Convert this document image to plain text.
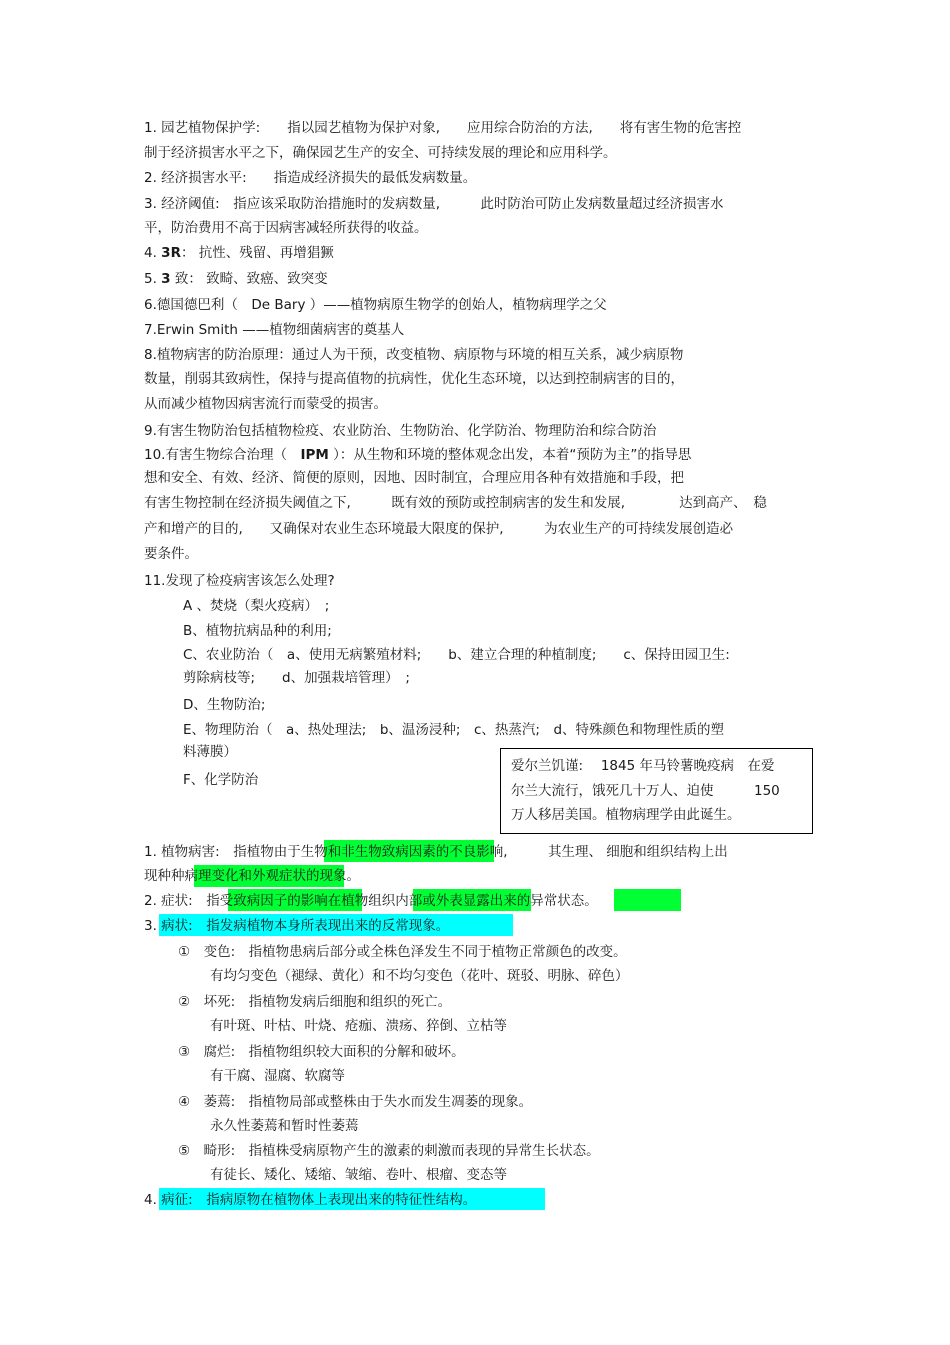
1. 园艺植物保护学:　　指以园艺植物为保护对象,　　应用综合防治的方法,　　将有害生物的危害控
制于经济损害水平之下，确保园艺生产的安全、可持续发展的理论和应用科学。
2. 经济损害水平:　　指造成经济损失的最低发病数量。
3. 经济阈值:　指应该采取防治措施时的发病数量,　　　此时防治可防止发病数量超过经济损害水
平，防治费用不高于因病害减轻所获得的收益。
4. 3R： 抗性、残留、再增猖獗
5. 3 致： 致畸、致癌、致突变
6.德国德巴利（　De Bary ）——植物病原生物学的创始人，植物病理学之父
7.Erwin Smith ——植物细菌病害的奠基人
8.植物病害的防治原理：通过人为干预，改变植物、病原物与环境的相互关系，减少病原物
数量，削弱其致病性，保持与提高值物的抗病性，优化生态环境，以达到控制病害的目的，
从而减少植物因病害流行而蒙受的损害。
9.有害生物防治包括植物检疫、农业防治、生物防治、化学防治、物理防治和综合防治
10.有害生物综合治理（　IPM ）：从生物和环境的整体观念出发，本着“预防为主”的指导思
想和安全、有效、经济、简便的原则，因地、因时制宜，合理应用各种有效措施和手段，把
有害生物控制在经济损失阈值之下,　　　既有效的预防或控制病害的发生和发展,　　　　达到高产、　稳
产和增产的目的,　　又确保对农业生态环境最大限度的保护,　　　为农业生产的可持续发展创造必
要条件。
11.发现了检疫病害该怎么处理?
A 、焚烧（梨火疫病）　;
B、植物抗病品种的利用;
C、农业防治（　a、使用无病繁殖材料;　　b、建立合理的种植制度;　　c、保持田园卫生:
剪除病枝等;　　d、加强栽培管理）　;
D、生物防治;
E、物理防治（　a、热处理法;　b、温汤浸种;　c、热蒸汽;　d、特殊颜色和物理性质的塑
料薄膜）
F、化学防治
爱尔兰饥谨:　 1845 年马铃薯晚疫病　在爱
尔兰大流行，饿死几十万人、迫使　　　150
万人移居美国。植物病理学由此诞生。
1. 植物病害:　指植物由于生物和非生物致病因素的不良影响,　　　其生理、 细胞和组织结构上出
现种种病理变化和外观症状的现象。
2. 症状:　指受致病因子的影响在植物组织内部或外表显露出来的异常状态。
3. 病状:　指发病植物本身所表现出来的反常现象。
①　变色:　指植物患病后部分或全株色泽发生不同于植物正常颜色的改变。
有均匀变色（褪绿、黄化）和不均匀变色（花叶、斑驳、明脉、碎色）
②　坏死:　指植物发病后细胞和组织的死亡。
有叶斑、叶枯、叶烧、疮痂、溃疡、猝倒、立枯等
③　腐烂:　指植物组织较大面积的分解和破坏。
有干腐、湿腐、软腐等
④　萎蔫:　指植物局部或整株由于失水而发生凋萎的现象。
永久性萎蔫和暂时性萎蔫
⑤　畸形:　指植株受病原物产生的激素的刺激而表现的异常生长状态。
有徒长、矮化、矮缩、皱缩、卷叶、根瘤、变态等
4. 病征:　指病原物在植物体上表现出来的特征性结构。
